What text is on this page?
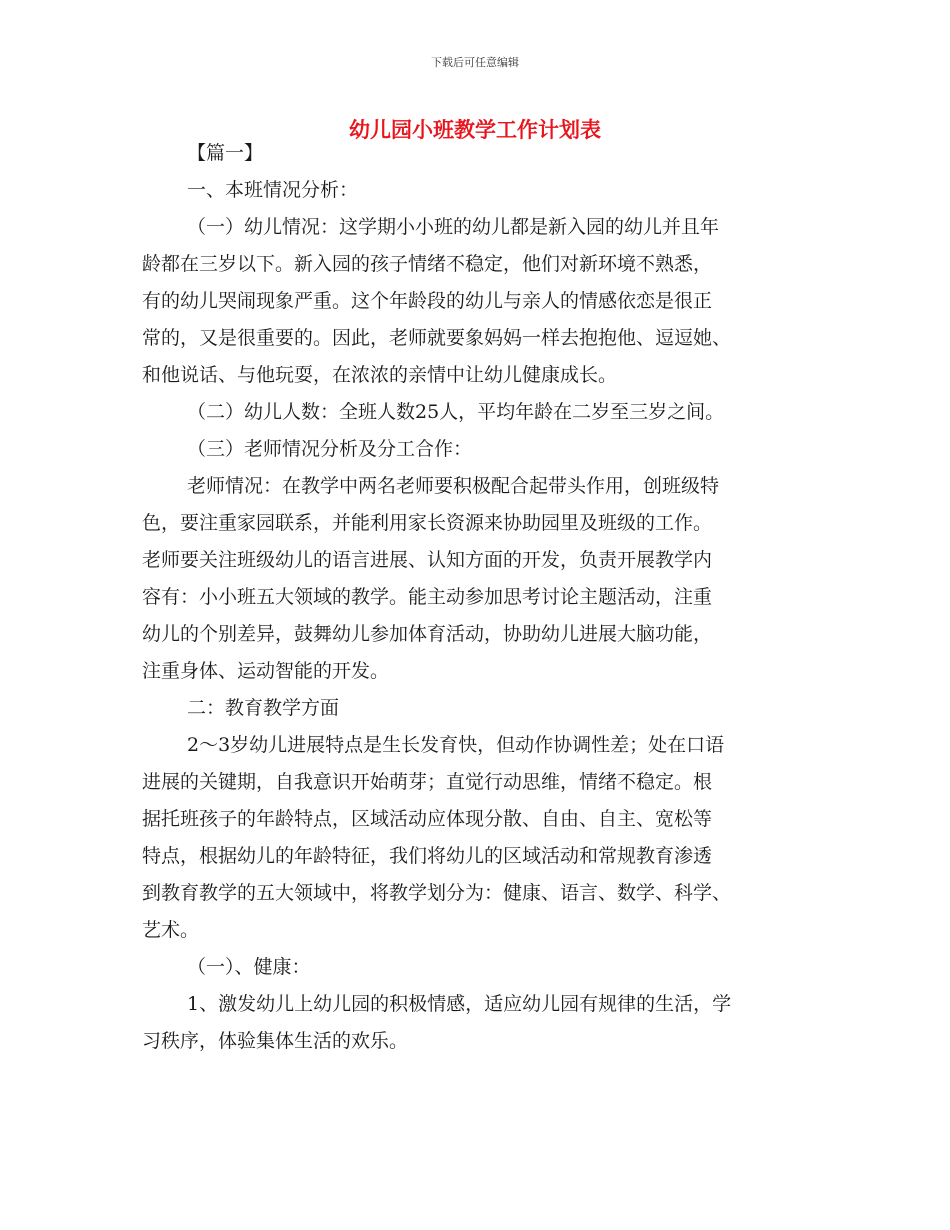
下载后可任意编辑
幼儿园小班教学工作计划表
【篇一】
一、本班情况分析：
（一）幼儿情况：这学期小小班的幼儿都是新入园的幼儿并且年
龄都在三岁以下。新入园的孩子情绪不稳定，他们对新环境不熟悉，
有的幼儿哭闹现象严重。这个年龄段的幼儿与亲人的情感依恋是很正
常的，又是很重要的。因此，老师就要象妈妈一样去抱抱他、逗逗她、
和他说话、与他玩耍，在浓浓的亲情中让幼儿健康成长。
（二）幼儿人数：全班人数25人，平均年龄在二岁至三岁之间。
（三）老师情况分析及分工合作：
老师情况：在教学中两名老师要积极配合起带头作用，创班级特
色，要注重家园联系，并能利用家长资源来协助园里及班级的工作。
老师要关注班级幼儿的语言进展、认知方面的开发，负责开展教学内
容有：小小班五大领域的教学。能主动参加思考讨论主题活动，注重
幼儿的个别差异，鼓舞幼儿参加体育活动，协助幼儿进展大脑功能，
注重身体、运动智能的开发。
二：教育教学方面
2～3岁幼儿进展特点是生长发育快，但动作协调性差；处在口语
进展的关键期，自我意识开始萌芽；直觉行动思维，情绪不稳定。根
据托班孩子的年龄特点，区域活动应体现分散、自由、自主、宽松等
特点，根据幼儿的年龄特征，我们将幼儿的区域活动和常规教育渗透
到教育教学的五大领域中，将教学划分为：健康、语言、数学、科学、
艺术。
（一）、健康：
1、激发幼儿上幼儿园的积极情感，适应幼儿园有规律的生活，学
习秩序，体验集体生活的欢乐。
